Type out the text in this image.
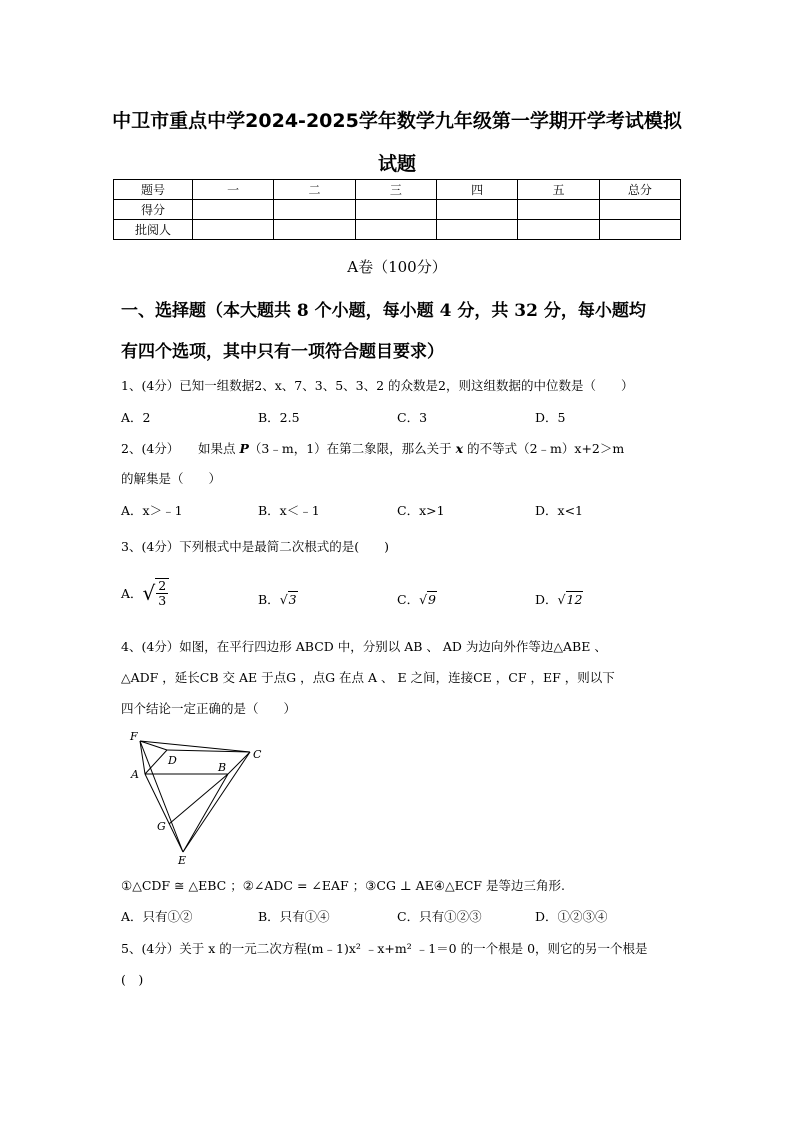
中卫市重点中学2024-2025学年数学九年级第一学期开学考试模拟
试题
题号	一	二	三	四	五	总分
得分						
批阅人						
A卷（100分）
一、选择题（本大题共 8 个小题，每小题 4 分，共 32 分，每小题均
有四个选项，其中只有一项符合题目要求）
1、(4分）已知一组数据2、x、7、3、5、3、2 的众数是2，则这组数据的中位数是（　　）
A．2	B．2.5	C．3	D．5
2、(4分）　　如果点 P（3﹣m，1）在第二象限，那么关于 x 的不等式（2﹣m）x+2＞m
的解集是（　　）
A．x＞﹣1	B．x＜﹣1	C．x>1	D．x<1
3、(4分）下列根式中是最简二次根式的是(　　)
A． √ $\frac{2}{3}$	B．√3	C．√9	D．√12
4、(4分）如图，在平行四边形 ABCD 中，分别以 AB 、 AD 为边向外作等边△ABE 、
△ADF ，延长CB 交 AE 于点G ，点G 在点 A 、 E 之间，连接CE ，CF ，EF ，则以下
四个结论一定正确的是（　　）
F
D	C
A
B
G
E
①△CDF ≅ △EBC ；②∠ADC = ∠EAF ；③CG ⊥ AE④△ECF 是等边三角形.
A．只有①②	B．只有①④	C．只有①②③	D．①②③④
5、(4分）关于 x 的一元二次方程(m﹣1)x² ﹣x+m² ﹣1＝0 的一个根是 0，则它的另一个根是
(　)
